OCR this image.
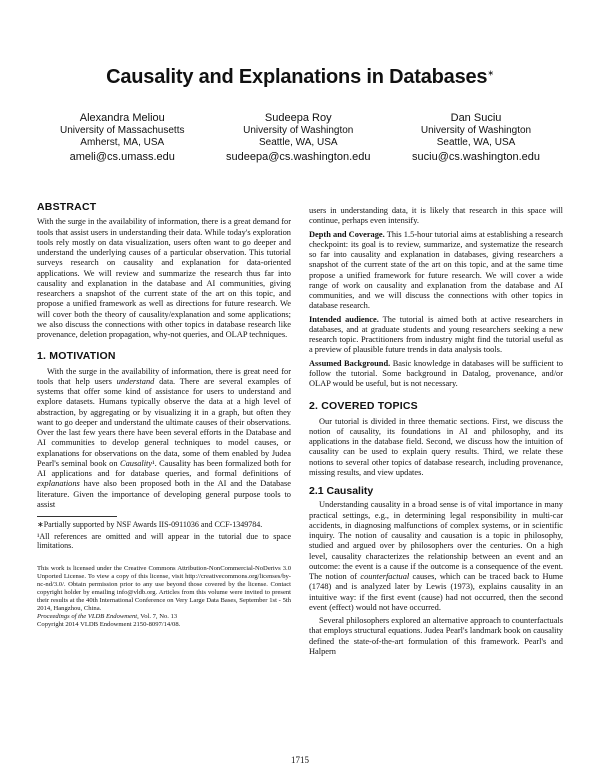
Causality and Explanations in Databases∗
Alexandra Meliou
University of Massachusetts
Amherst, MA, USA
ameli@cs.umass.edu
Sudeepa Roy
University of Washington
Seattle, WA, USA
sudeepa@cs.washington.edu
Dan Suciu
University of Washington
Seattle, WA, USA
suciu@cs.washington.edu
ABSTRACT

With the surge in the availability of information, there is a great demand for tools that assist users in understanding their data. While today's exploration tools rely mostly on data visualization, users often want to go deeper and understand the underlying causes of a particular observation. This tutorial surveys research on causality and explanation for data-oriented applications. We will review and summarize the research thus far into causality and explanation in the database and AI communities, giving researchers a snapshot of the current state of the art on this topic, and propose a unified framework as well as directions for future research. We will cover both the theory of causality/explanation and some applications; we also discuss the connections with other topics in database research like provenance, deletion propagation, why-not queries, and OLAP techniques.

1. MOTIVATION

With the surge in the availability of information, there is great need for tools that help users understand data. There are several examples of systems that offer some kind of assistance for users to understand and explore datasets. Humans typically observe the data at a high level of abstraction, by aggregating or by visualizing it in a graph, but often they want to go deeper and understand the ultimate causes of their observations. Over the last few years there have been several efforts in the Database and AI communities to develop general techniques to model causes, or explanations for observations on the data, some of them enabled by Judea Pearl's seminal book on Causality¹. Causality has been formalized both for AI applications and for database queries, and formal definitions of explanations have also been proposed both in the AI and the Database literature. Given the importance of developing general purpose tools to assist

∗Partially supported by NSF Awards IIS-0911036 and CCF-1349784.

¹All references are omitted and will appear in the tutorial due to space limitations.

This work is licensed under the Creative Commons Attribution-NonCommercial-NoDerivs 3.0 Unported License. To view a copy of this license, visit http://creativecommons.org/licenses/by-nc-nd/3.0/. Obtain permission prior to any use beyond those covered by the license. Contact copyright holder by emailing info@vldb.org. Articles from this volume were invited to present their results at the 40th International Conference on Very Large Data Bases, September 1st - 5th 2014, Hangzhou, China.
Proceedings of the VLDB Endowment, Vol. 7, No. 13
Copyright 2014 VLDB Endowment 2150-8097/14/08.

users in understanding data, it is likely that research in this space will continue, perhaps even intensify.

Depth and Coverage. This 1.5-hour tutorial aims at establishing a research checkpoint: its goal is to review, summarize, and systematize the research so far into causality and explanation in databases, giving researchers a snapshot of the current state of the art on this topic, and at the same time propose a unified framework for future research. We will cover a wide range of work on causality and explanation from the database and AI communities, and we will discuss the connections with other topics in database research.

Intended audience. The tutorial is aimed both at active researchers in databases, and at graduate students and young researchers seeking a new research topic. Practitioners from industry might find the tutorial useful as a preview of plausible future trends in data analysis tools.

Assumed Background. Basic knowledge in databases will be sufficient to follow the tutorial. Some background in Datalog, provenance, and/or OLAP would be useful, but is not necessary.

2. COVERED TOPICS

Our tutorial is divided in three thematic sections. First, we discuss the notion of causality, its foundations in AI and philosophy, and its applications in the database field. Second, we discuss how the intuition of causality can be used to explain query results. Third, we relate these notions to several other topics of database research, including provenance, missing results, and view updates.

2.1 Causality

Understanding causality in a broad sense is of vital importance in many practical settings, e.g., in determining legal responsibility in multi-car accidents, in diagnosing malfunctions of complex systems, or in scientific inquiry. The notion of causality and causation is a topic in philosophy, studied and argued over by philosophers over the centuries. On a high level, causality characterizes the relationship between an event and an outcome: the event is a cause if the outcome is a consequence of the event. The notion of counterfactual causes, which can be traced back to Hume (1748) and is analyzed later by Lewis (1973), explains causality in an intuitive way: if the first event (cause) had not occurred, then the second event (effect) would not have occurred.

Several philosophers explored an alternative approach to counterfactuals that employs structural equations. Judea Pearl's landmark book on causality defined the state-of-the-art formulation of this framework. Pearl's and Halpern

1715
